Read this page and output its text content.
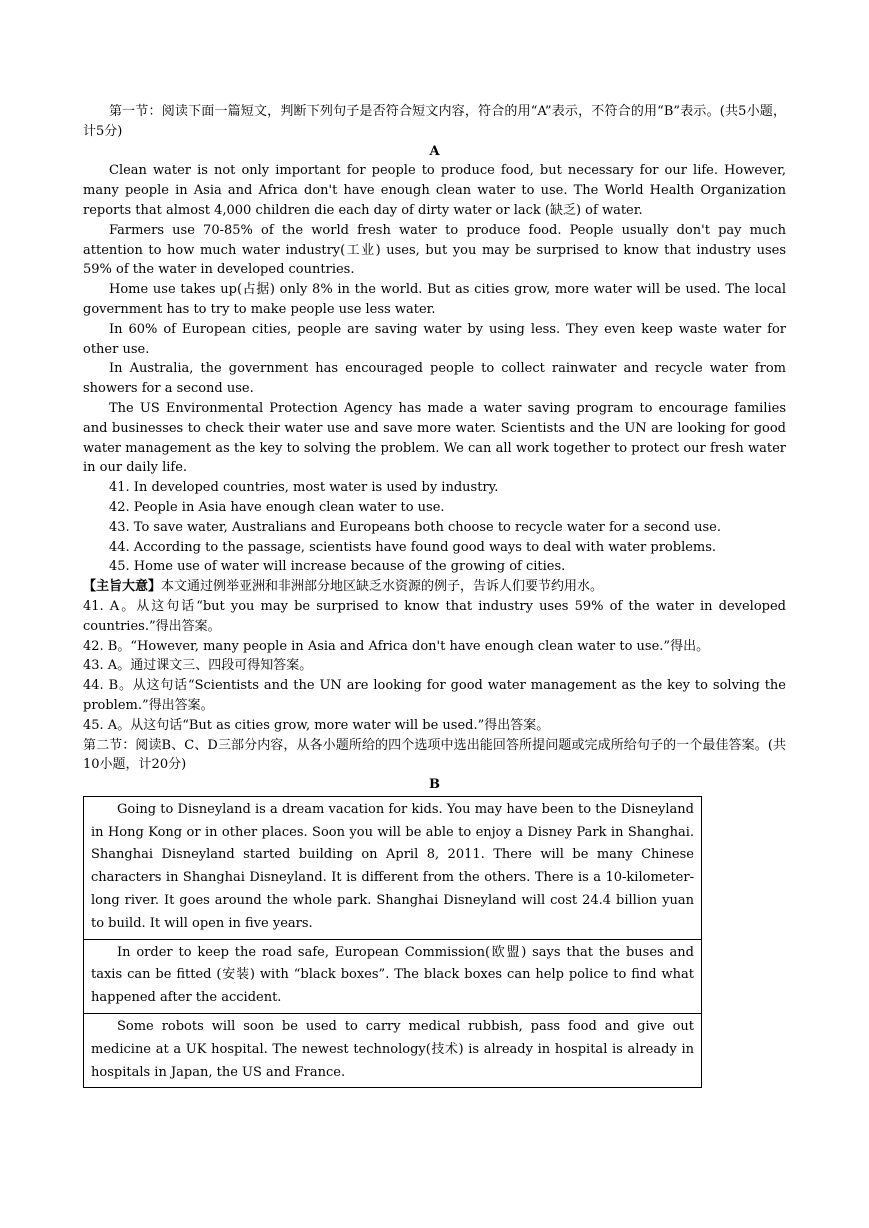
第一节：阅读下面一篇短文，判断下列句子是否符合短文内容，符合的用“A”表示，不符合的用“B”表示。(共5小题，计5分)

A

Clean water is not only important for people to produce food, but necessary for our life. However, many people in Asia and Africa don't have enough clean water to use. The World Health Organization reports that almost 4,000 children die each day of dirty water or lack (缺乏) of water.

Farmers use 70-85% of the world fresh water to produce food. People usually don't pay much attention to how much water industry(工业) uses, but you may be surprised to know that industry uses 59% of the water in developed countries.

Home use takes up(占据) only 8% in the world. But as cities grow, more water will be used. The local government has to try to make people use less water.

In 60% of European cities, people are saving water by using less. They even keep waste water for other use.

In Australia, the government has encouraged people to collect rainwater and recycle water from showers for a second use.

The US Environmental Protection Agency has made a water saving program to encourage families and businesses to check their water use and save more water. Scientists and the UN are looking for good water management as the key to solving the problem. We can all work together to protect our fresh water in our daily life.

41. In developed countries, most water is used by industry.

42. People in Asia have enough clean water to use.

43. To save water, Australians and Europeans both choose to recycle water for a second use.

44. According to the passage, scientists have found good ways to deal with water problems.

45. Home use of water will increase because of the growing of cities.

【主旨大意】本文通过例举亚洲和非洲部分地区缺乏水资源的例子，告诉人们要节约用水。

41. A。从这句话“but you may be surprised to know that industry uses 59% of the water in developed countries.”得出答案。

42. B。“However, many people in Asia and Africa don't have enough clean water to use.”得出。

43. A。通过课文三、四段可得知答案。

44. B。从这句话“Scientists and the UN are looking for good water management as the key to solving the problem.”得出答案。

45. A。从这句话“But as cities grow, more water will be used.”得出答案。

第二节：阅读B、C、D三部分内容，从各小题所给的四个选项中选出能回答所提问题或完成所给句子的一个最佳答案。(共10小题，计20分)

B

Going to Disneyland is a dream vacation for kids. You may have been to the Disneyland in Hong Kong or in other places. Soon you will be able to enjoy a Disney Park in Shanghai. Shanghai Disneyland started building on April 8, 2011. There will be many Chinese characters in Shanghai Disneyland. It is different from the others. There is a 10-kilometer-long river. It goes around the whole park. Shanghai Disneyland will cost 24.4 billion yuan to build. It will open in five years.

In order to keep the road safe, European Commission(欧盟) says that the buses and taxis can be fitted (安装) with “black boxes”. The black boxes can help police to find what happened after the accident.

Some robots will soon be used to carry medical rubbish, pass food and give out medicine at a UK hospital. The newest technology(技术) is already in hospital is already in hospitals in Japan, the US and France.
